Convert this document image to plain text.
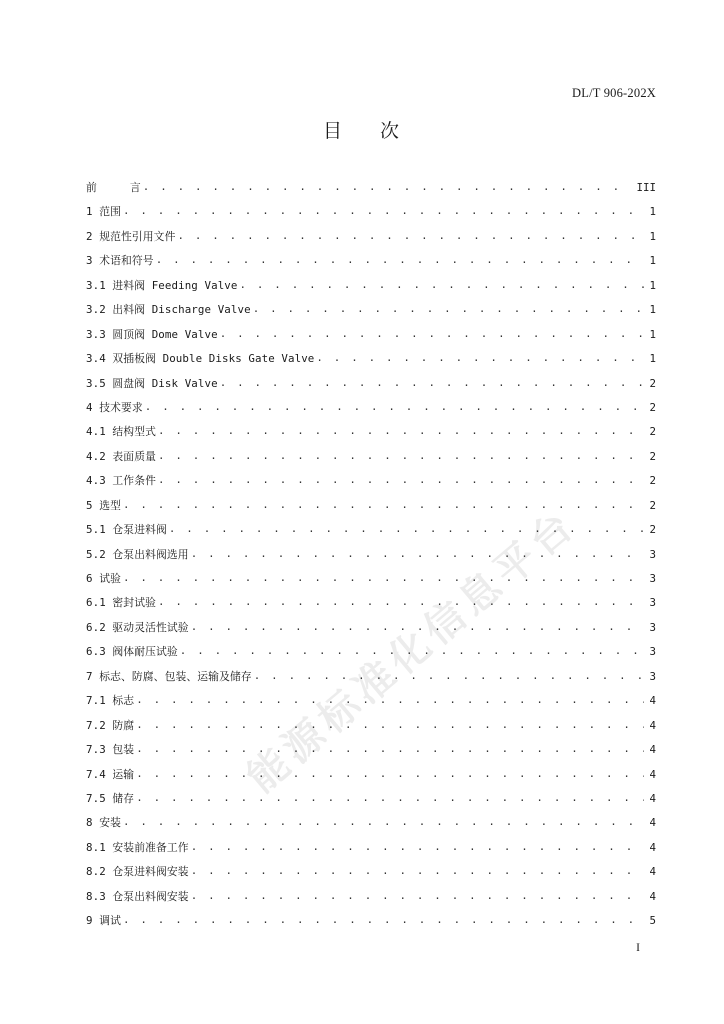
DL/T 906-202X
目 次
能源标准化信息平台
前     言 . . .	III
1 范围 . . .	1
2 规范性引用文件 . . .	1
3 术语和符号 . . .	1
3.1 进料阀 Feeding Valve . . .	1
3.2 出料阀 Discharge Valve . . .	1
3.3 圆顶阀 Dome Valve . . .	1
3.4 双插板阀 Double Disks Gate Valve . . .	1
3.5 圆盘阀 Disk Valve . . .	2
4 技术要求 . . .	2
4.1 结构型式 . . .	2
4.2 表面质量 . . .	2
4.3 工作条件 . . .	2
5 选型 . . .	2
5.1 仓泵进料阀 . . .	2
5.2 仓泵出料阀选用 . . .	3
6 试验 . . .	3
6.1 密封试验 . . .	3
6.2 驱动灵活性试验 . . .	3
6.3 阀体耐压试验 . . .	3
7 标志、防腐、包装、运输及储存 . . .	3
7.1 标志 . . .	4
7.2 防腐 . . .	4
7.3 包装 . . .	4
7.4 运输 . . .	4
7.5 储存 . . .	4
8 安装 . . .	4
8.1 安装前准备工作 . . .	4
8.2 仓泵进料阀安装 . . .	4
8.3 仓泵出料阀安装 . . .	4
9 调试 . . .	5
I
